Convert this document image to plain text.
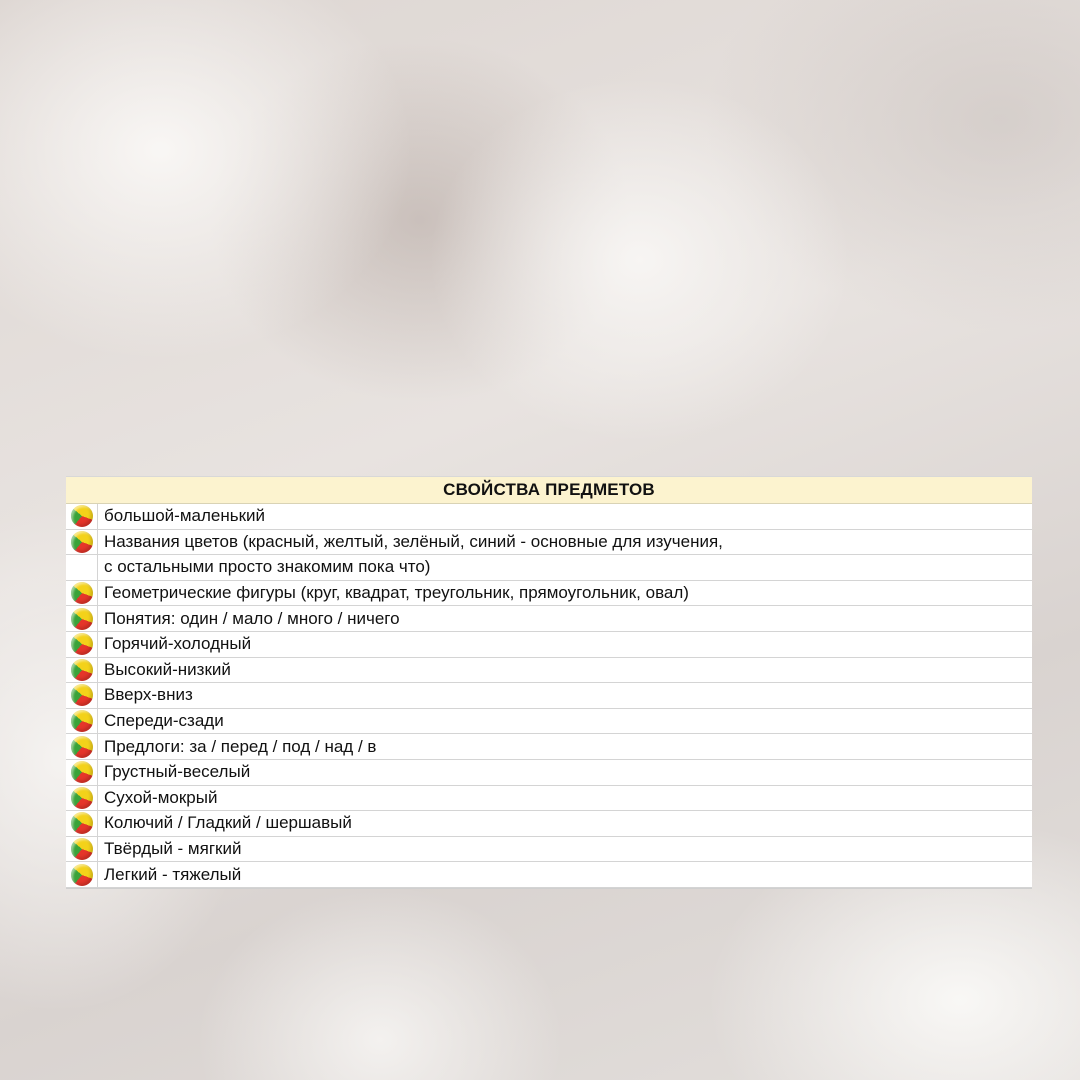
СВОЙСТВА ПРЕДМЕТОВ
большой-маленький
Названия цветов (красный, желтый, зелёный, синий - основные для изучения,
с остальными просто знакомим пока что)
Геометрические фигуры (круг, квадрат, треугольник, прямоугольник, овал)
Понятия: один / мало / много / ничего
Горячий-холодный
Высокий-низкий
Вверх-вниз
Спереди-сзади
Предлоги: за / перед / под / над / в
Грустный-веселый
Сухой-мокрый
Колючий / Гладкий / шершавый
Твёрдый - мягкий
Легкий - тяжелый
